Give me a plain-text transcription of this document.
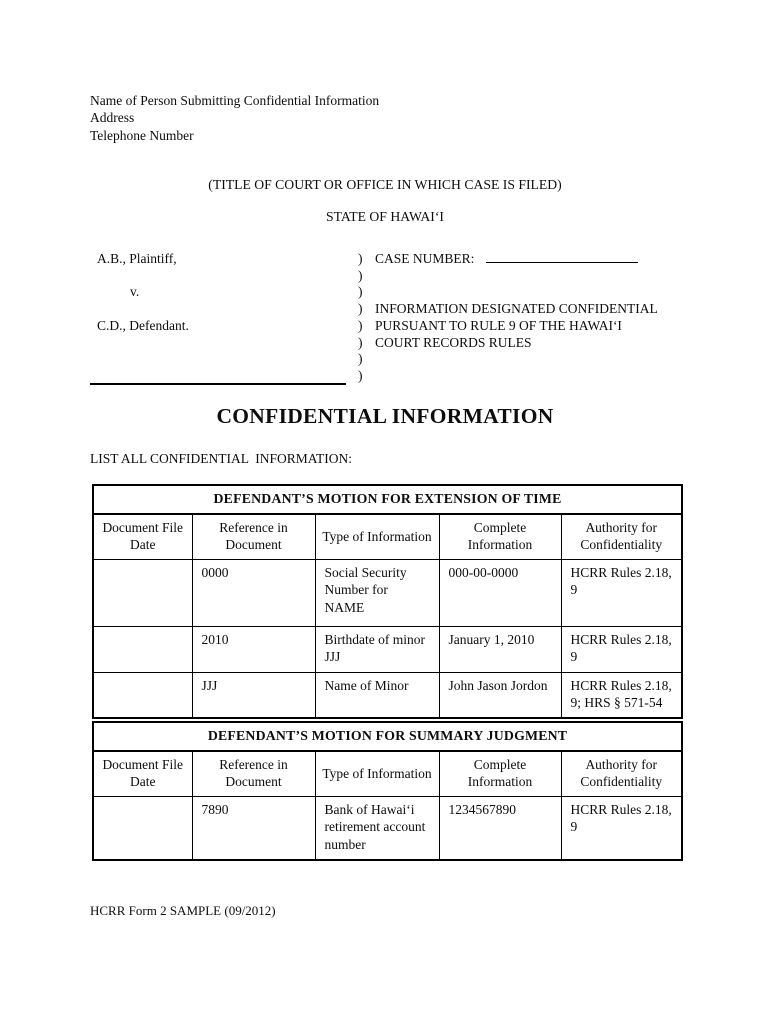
Name of Person Submitting Confidential Information
Address
Telephone Number
(TITLE OF COURT OR OFFICE IN WHICH CASE IS FILED)
STATE OF HAWAI‘I
A.B., Plaintiff,
v.
C.D., Defendant.
) CASE NUMBER:
)
)
) INFORMATION DESIGNATED CONFIDENTIAL
) PURSUANT TO RULE 9 OF THE HAWAI‘I
) COURT RECORDS RULES
)
)
CONFIDENTIAL INFORMATION
LIST ALL CONFIDENTIAL  INFORMATION:
DEFENDANT’S MOTION FOR EXTENSION OF TIME				
Document File Date	Reference in Document	Type of Information	Complete Information	Authority for Confidentiality
	0000	Social Security Number for NAME	000-00-0000	HCRR Rules 2.18, 9
	2010	Birthdate of minor JJJ	January 1, 2010	HCRR Rules 2.18, 9
	JJJ	Name of Minor	John Jason Jordon	HCRR Rules 2.18, 9; HRS § 571-54
DEFENDANT’S MOTION FOR SUMMARY JUDGMENT				
Document File Date	Reference in Document	Type of Information	Complete Information	Authority for Confidentiality
	7890	Bank of Hawai‘i retirement account number	1234567890	HCRR Rules 2.18, 9
HCRR Form 2 SAMPLE (09/2012)
